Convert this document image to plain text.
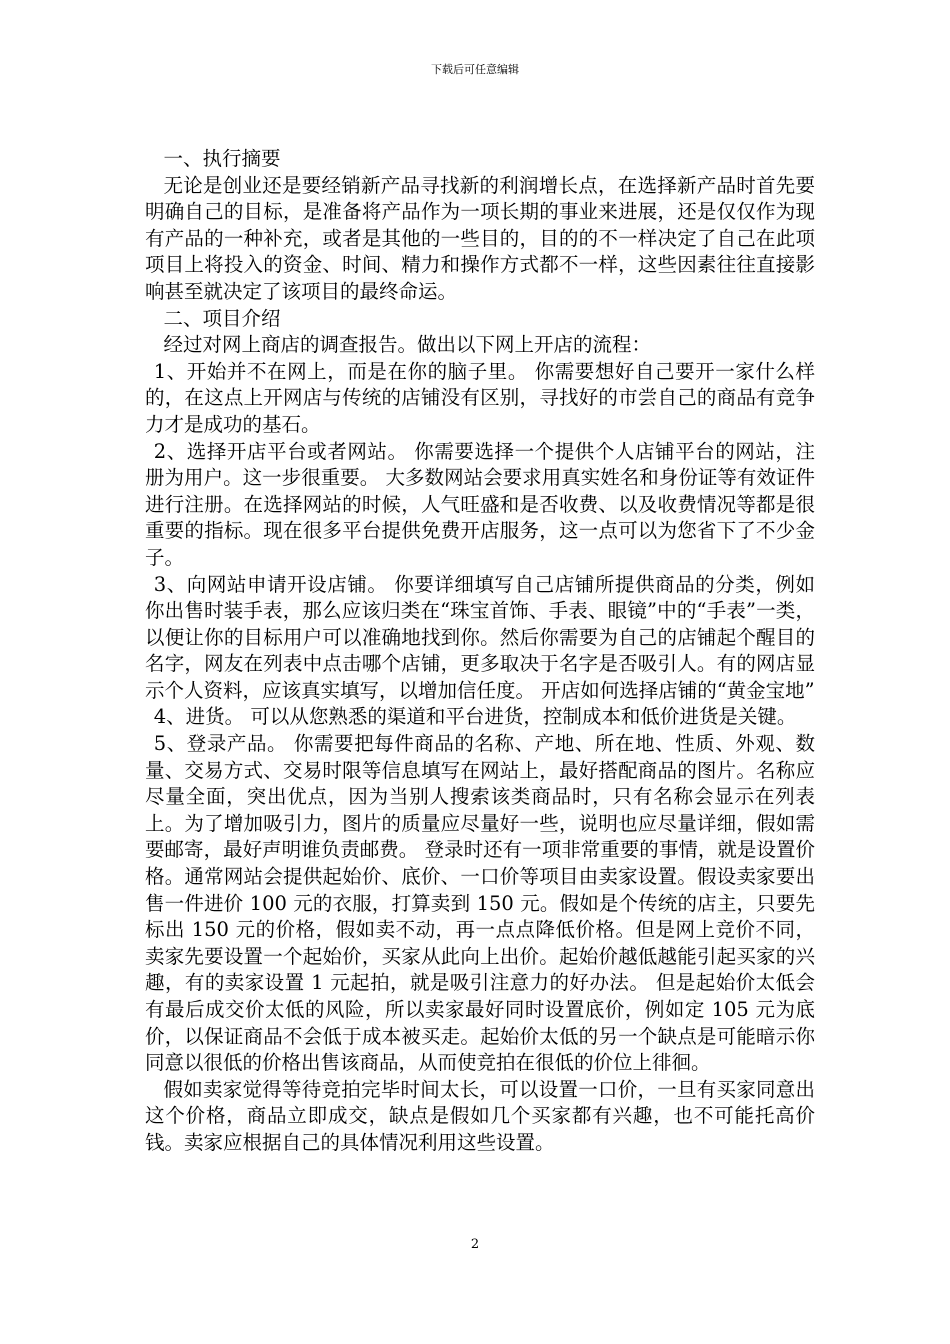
下载后可任意编辑

一、执行摘要

无论是创业还是要经销新产品寻找新的利润增长点，在选择新产品时首先要明确自己的目标，是准备将产品作为一项长期的事业来进展，还是仅仅作为现有产品的一种补充，或者是其他的一些目的，目的的不一样决定了自己在此项项目上将投入的资金、时间、精力和操作方式都不一样，这些因素往往直接影响甚至就决定了该项目的最终命运。

二、项目介绍

经过对网上商店的调查报告。做出以下网上开店的流程：

1、开始并不在网上，而是在你的脑子里。 你需要想好自己要开一家什么样的，在这点上开网店与传统的店铺没有区别，寻找好的市尝自己的商品有竞争力才是成功的基石。

2、选择开店平台或者网站。 你需要选择一个提供个人店铺平台的网站，注册为用户。这一步很重要。 大多数网站会要求用真实姓名和身份证等有效证件进行注册。在选择网站的时候，人气旺盛和是否收费、以及收费情况等都是很重要的指标。现在很多平台提供免费开店服务，这一点可以为您省下了不少金子。

3、向网站申请开设店铺。 你要详细填写自己店铺所提供商品的分类，例如你出售时装手表，那么应该归类在“珠宝首饰、手表、眼镜”中的“手表”一类，以便让你的目标用户可以准确地找到你。然后你需要为自己的店铺起个醒目的名字，网友在列表中点击哪个店铺，更多取决于名字是否吸引人。有的网店显示个人资料，应该真实填写，以增加信任度。 开店如何选择店铺的“黄金宝地”

4、进货。 可以从您熟悉的渠道和平台进货，控制成本和低价进货是关键。

5、登录产品。 你需要把每件商品的名称、产地、所在地、性质、外观、数量、交易方式、交易时限等信息填写在网站上，最好搭配商品的图片。名称应尽量全面，突出优点，因为当别人搜索该类商品时，只有名称会显示在列表上。为了增加吸引力，图片的质量应尽量好一些，说明也应尽量详细，假如需要邮寄，最好声明谁负责邮费。 登录时还有一项非常重要的事情，就是设置价格。通常网站会提供起始价、底价、一口价等项目由卖家设置。假设卖家要出售一件进价 100 元的衣服，打算卖到 150 元。假如是个传统的店主，只要先标出 150 元的价格，假如卖不动，再一点点降低价格。但是网上竞价不同，卖家先要设置一个起始价，买家从此向上出价。起始价越低越能引起买家的兴趣，有的卖家设置 1 元起拍，就是吸引注意力的好办法。 但是起始价太低会有最后成交价太低的风险，所以卖家最好同时设置底价，例如定 105 元为底价，以保证商品不会低于成本被买走。起始价太低的另一个缺点是可能暗示你同意以很低的价格出售该商品，从而使竞拍在很低的价位上徘徊。

假如卖家觉得等待竞拍完毕时间太长，可以设置一口价，一旦有买家同意出这个价格，商品立即成交，缺点是假如几个买家都有兴趣，也不可能托高价钱。卖家应根据自己的具体情况利用这些设置。

2
